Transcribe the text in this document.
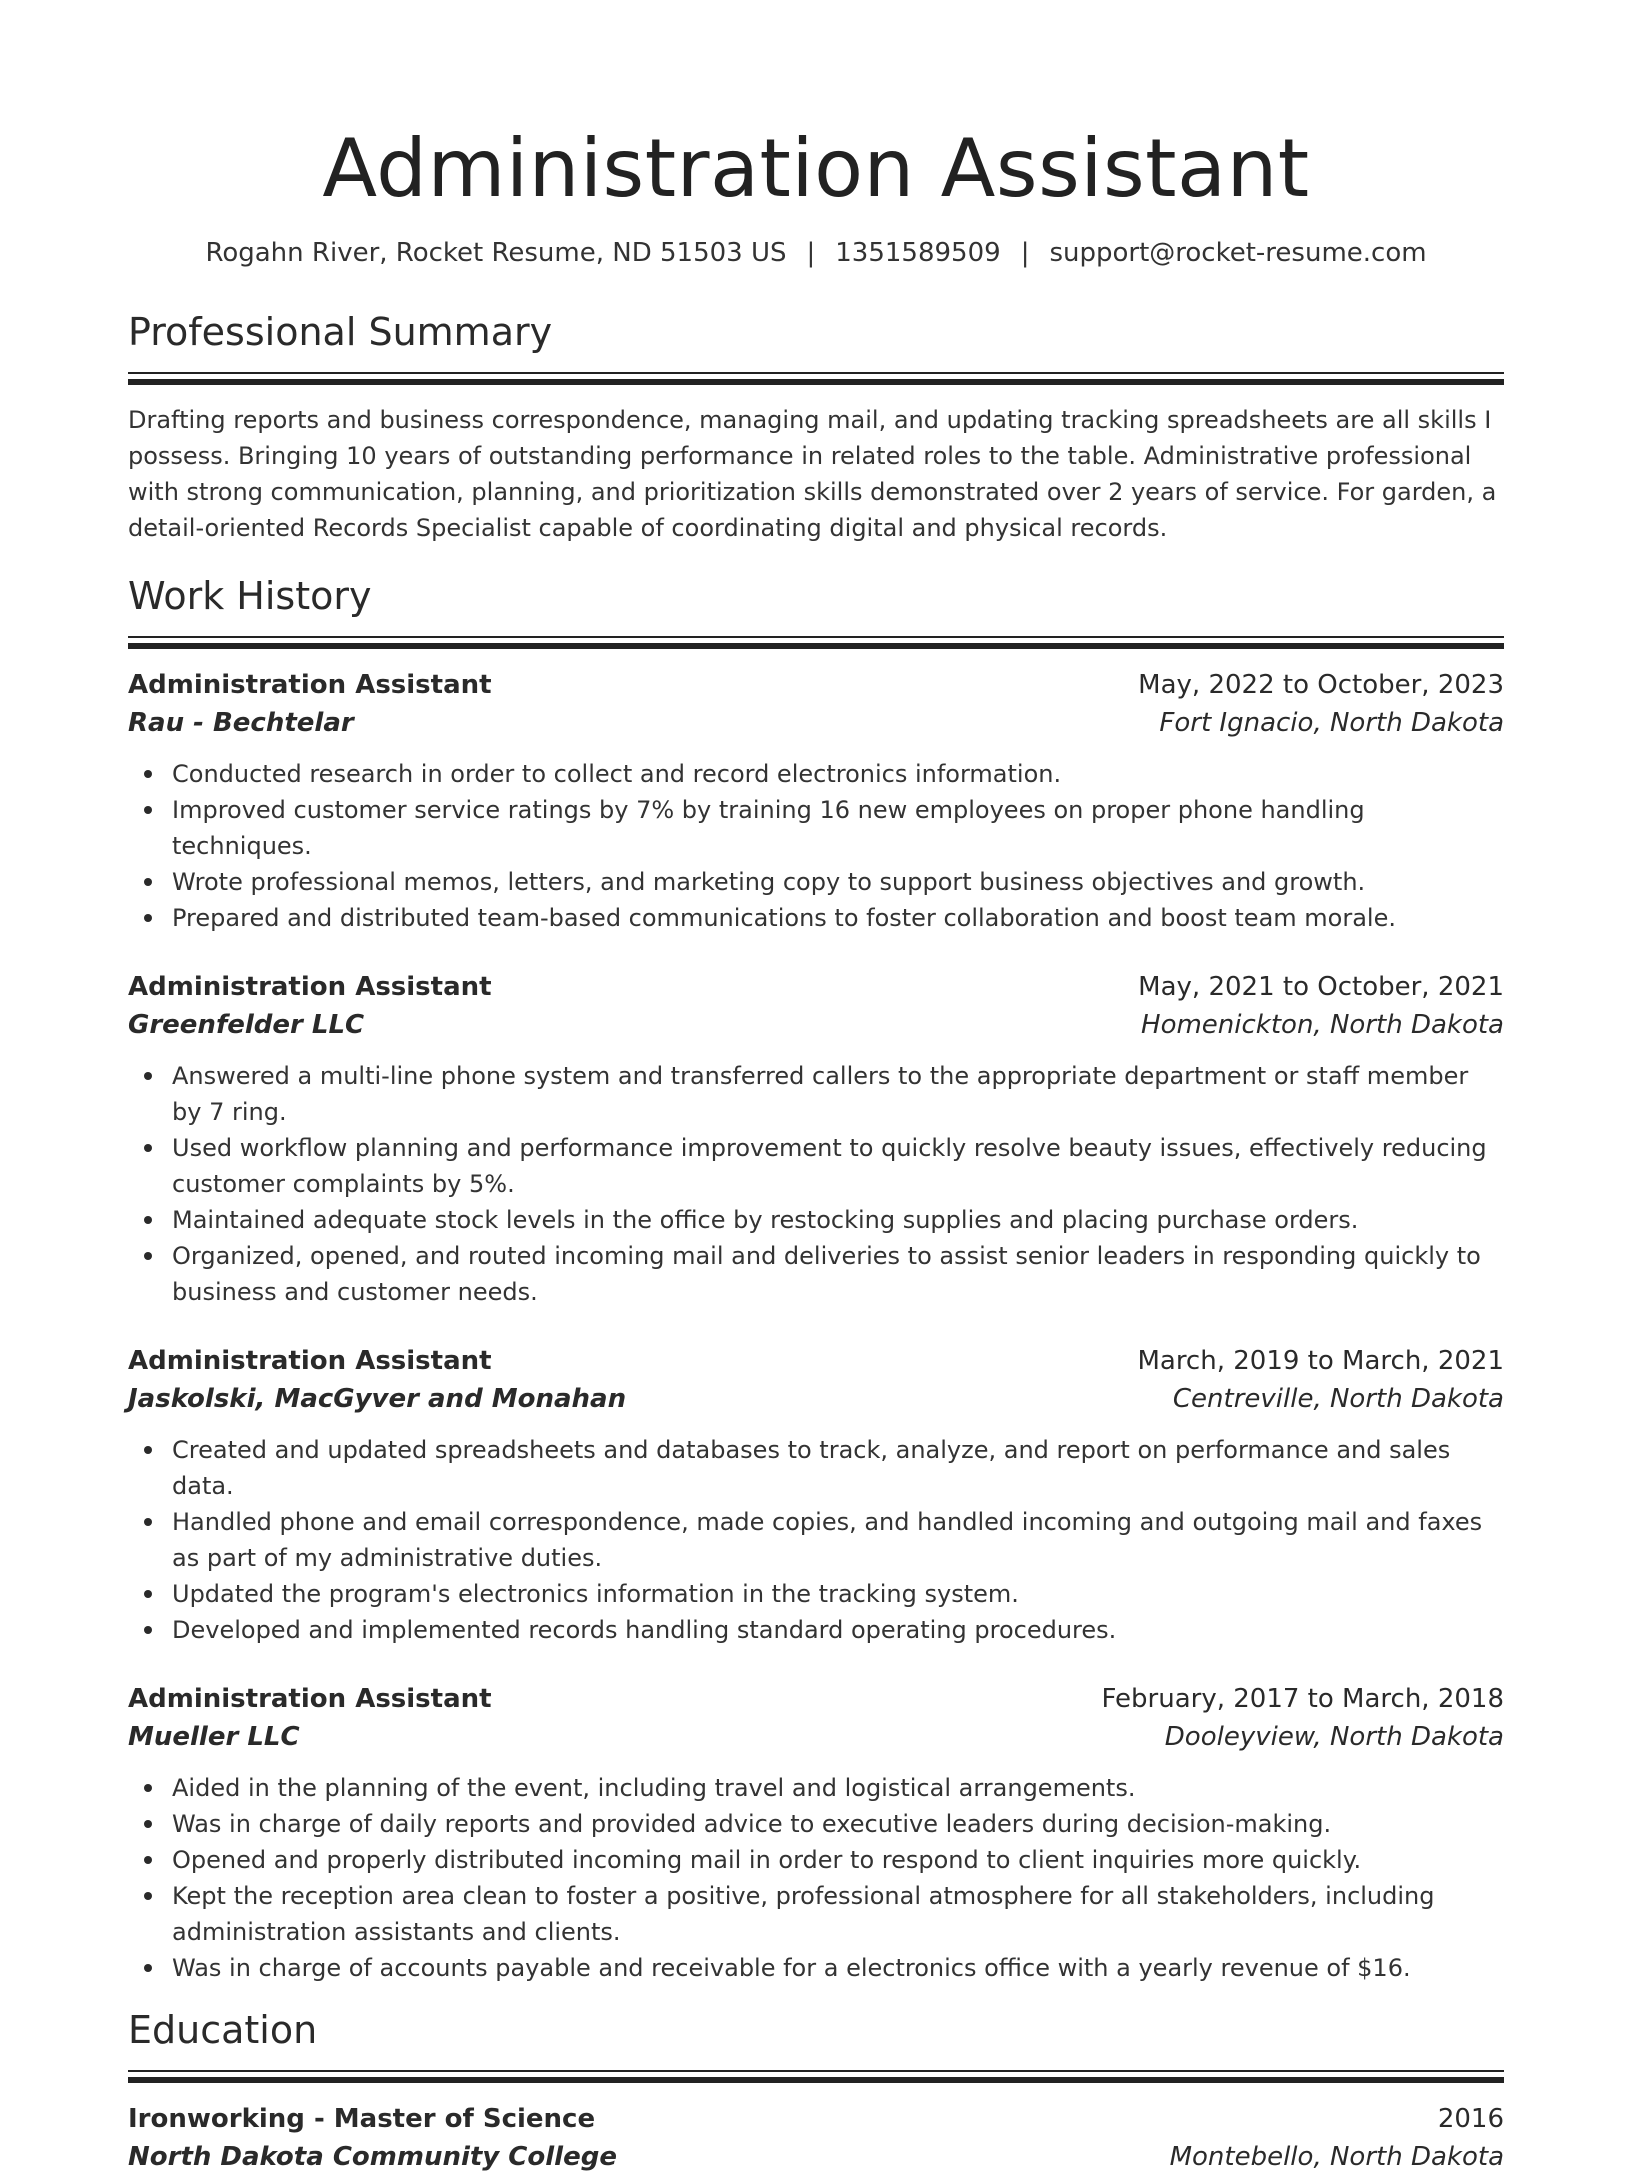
Administration Assistant
Rogahn River, Rocket Resume, ND 51503 US | 1351589509 | support@rocket-resume.com
Professional Summary

Drafting reports and business correspondence, managing mail, and updating tracking spreadsheets are all skills I possess. Bringing 10 years of outstanding performance in related roles to the table. Administrative professional with strong communication, planning, and prioritization skills demonstrated over 2 years of service. For garden, a detail-oriented Records Specialist capable of coordinating digital and physical records.

Work History
Administration Assistant	May, 2022 to October, 2023
Rau - Bechtelar	Fort Ignacio, North Dakota
Conducted research in order to collect and record electronics information.
Improved customer service ratings by 7% by training 16 new employees on proper phone handling techniques.
Wrote professional memos, letters, and marketing copy to support business objectives and growth.
Prepared and distributed team-based communications to foster collaboration and boost team morale.
Administration Assistant	May, 2021 to October, 2021
Greenfelder LLC	Homenickton, North Dakota
Answered a multi-line phone system and transferred callers to the appropriate department or staff member by 7 ring.
Used workflow planning and performance improvement to quickly resolve beauty issues, effectively reducing customer complaints by 5%.
Maintained adequate stock levels in the office by restocking supplies and placing purchase orders.
Organized, opened, and routed incoming mail and deliveries to assist senior leaders in responding quickly to business and customer needs.
Administration Assistant	March, 2019 to March, 2021
Jaskolski, MacGyver and Monahan	Centreville, North Dakota
Created and updated spreadsheets and databases to track, analyze, and report on performance and sales data.
Handled phone and email correspondence, made copies, and handled incoming and outgoing mail and faxes as part of my administrative duties.
Updated the program's electronics information in the tracking system.
Developed and implemented records handling standard operating procedures.
Administration Assistant	February, 2017 to March, 2018
Mueller LLC	Dooleyview, North Dakota
Aided in the planning of the event, including travel and logistical arrangements.
Was in charge of daily reports and provided advice to executive leaders during decision-making.
Opened and properly distributed incoming mail in order to respond to client inquiries more quickly.
Kept the reception area clean to foster a positive, professional atmosphere for all stakeholders, including administration assistants and clients.
Was in charge of accounts payable and receivable for a electronics office with a yearly revenue of $16.
Education
Ironworking - Master of Science	2016
North Dakota Community College	Montebello, North Dakota
